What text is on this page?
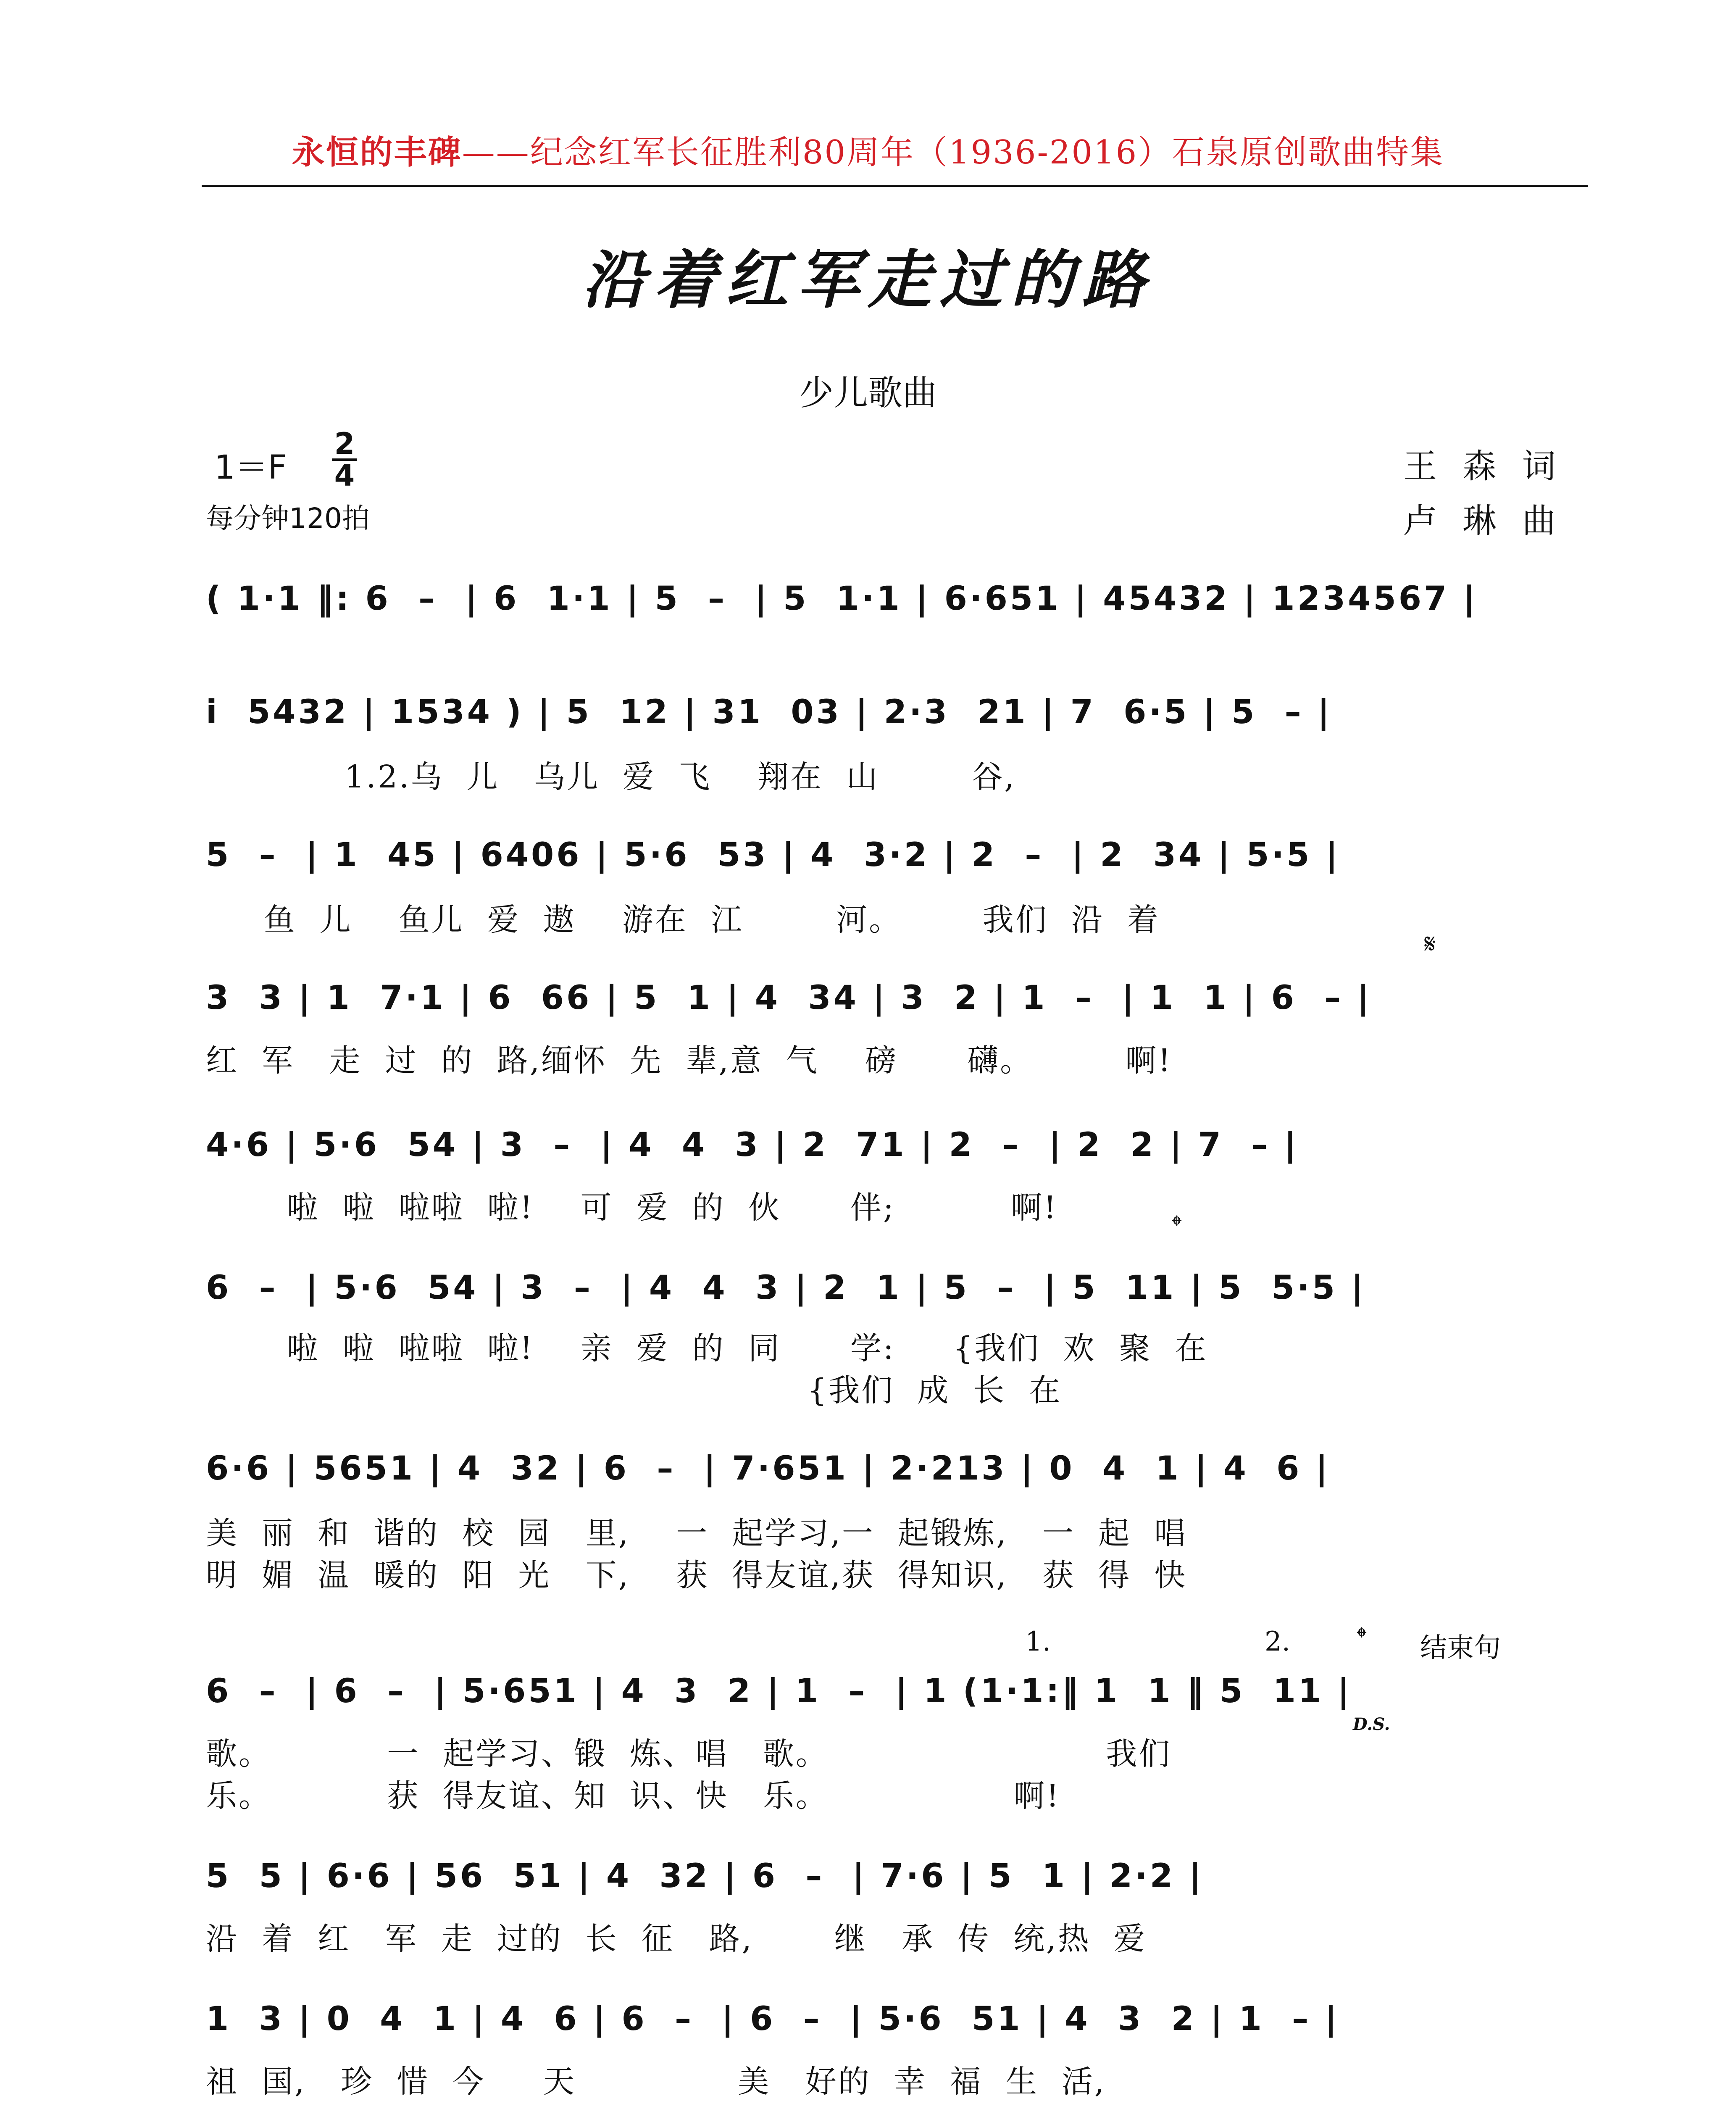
永恒的丰碑——纪念红军长征胜利80周年（1936-2016）石泉原创歌曲特集
沿着红军走过的路
少儿歌曲
1＝F
2
4
每分钟120拍
王 森 词
卢 琳 曲
( 1·1 ‖: 6  –  | 6  1·1 | 5  –  | 5  1·1 | 6·651 | 45432 | 1234567 |
i  5432 | 1534 ) | 5  12 | 31  03 | 2·3  21 | 7  6·5 | 5  – |
1.2.乌  儿   乌儿  爱  飞    翔在  山        谷,
5  –  | 1  45 | 6406 | 5·6  53 | 4  3·2 | 2  –  | 2  34 | 5·5 |
鱼  儿    鱼儿  爱  遨    游在  江        河。       我们  沿  着
𝄋
3  3 | 1  7·1 | 6  66 | 5  1 | 4  34 | 3  2 | 1  –  | 1  1 | 6  – |
红  军   走  过  的  路,缅怀  先  辈,意  气    磅      礴。        啊!
4·6 | 5·6  54 | 3  –  | 4  4  3 | 2  71 | 2  –  | 2  2 | 7  – |
啦  啦  啦啦  啦!    可  爱  的  伙      伴;          啊!	𝄌
6  –  | 5·6  54 | 3  –  | 4  4  3 | 2  1 | 5  –  | 5  11 | 5  5·5 |
啦  啦  啦啦  啦!    亲  爱  的  同      学:     {我们  欢  聚  在
{我们  成  长  在
6·6 | 5651 | 4  32 | 6  –  | 7·651 | 2·213 | 0  4  1 | 4  6 |
美  丽  和  谐的  校  园   里,    一  起学习,一  起锻炼,   一  起  唱
明  媚  温  暖的  阳  光   下,    获  得友谊,获  得知识,   获  得  快
1.	2. 𝄌 结束句
6  –  | 6  –  | 5·651 | 4  3  2 | 1  –  | 1 (1·1:‖ 1  1 ‖ 5  11 |
D.S.
歌。          一  起学习、锻  炼、唱   歌。                        我们
乐。          获  得友谊、知  识、快   乐。                啊!
5  5 | 6·6 | 56  51 | 4  32 | 6  –  | 7·6 | 5  1 | 2·2 |
沿  着  红   军  走  过的  长  征   路,       继   承  传  统,热  爱
1  3 | 0  4  1 | 4  6 | 6  –  | 6  –  | 5·6  51 | 4  3  2 | 1  – |
祖  国,   珍  惜  今     天              美   好的  幸  福  生  活,
